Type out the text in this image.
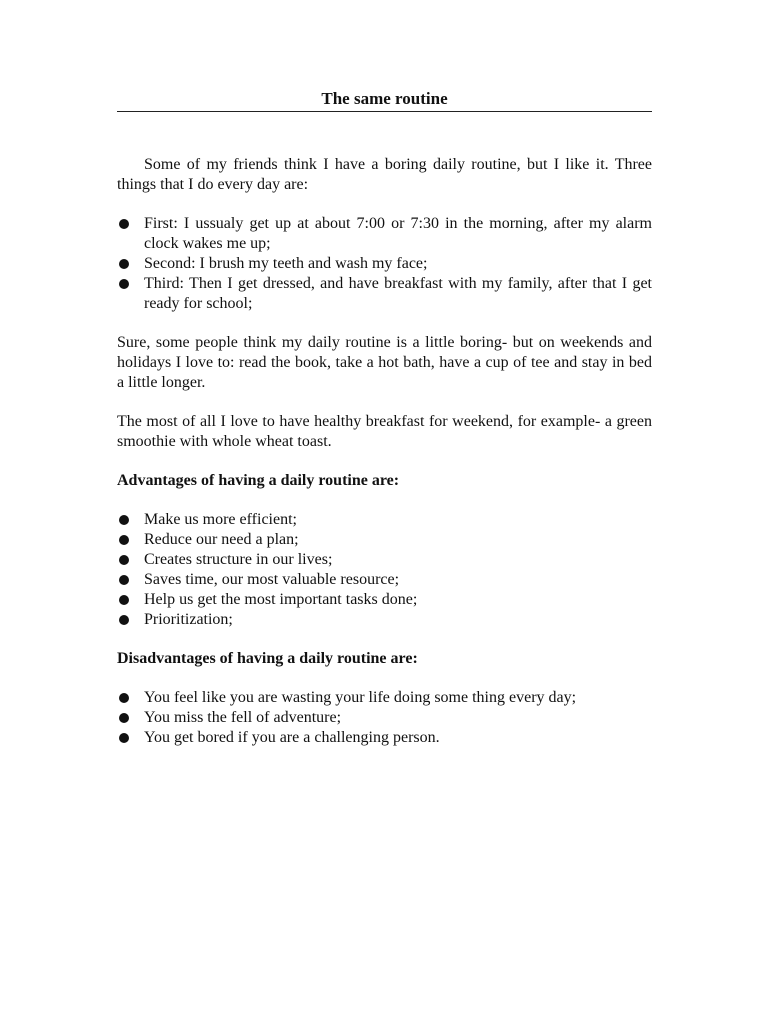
The same routine

Some of my friends think I have a boring daily routine, but I like it. Three things that I do every day are:

First: I ussualy get up at about 7:00 or 7:30 in the morning, after my alarm clock wakes me up;
Second: I brush my teeth and wash my face;
Third: Then I get dressed, and have breakfast with my family, after that I get ready for school;

Sure, some people think my daily routine is a little boring- but on weekends and holidays I love to: read the book, take a hot bath, have a cup of tee and stay in bed a little longer.

The most of all I love to have healthy breakfast for weekend, for example- a green smoothie with whole wheat toast.

Advantages of having a daily routine are:

Make us more efficient;
Reduce our need a plan;
Creates structure in our lives;
Saves time, our most valuable resource;
Help us get the most important tasks done;
Prioritization;

Disadvantages of having a daily routine are:

You feel like you are wasting your life doing some thing every day;
You miss the fell of adventure;
You get bored if you are a challenging person.
